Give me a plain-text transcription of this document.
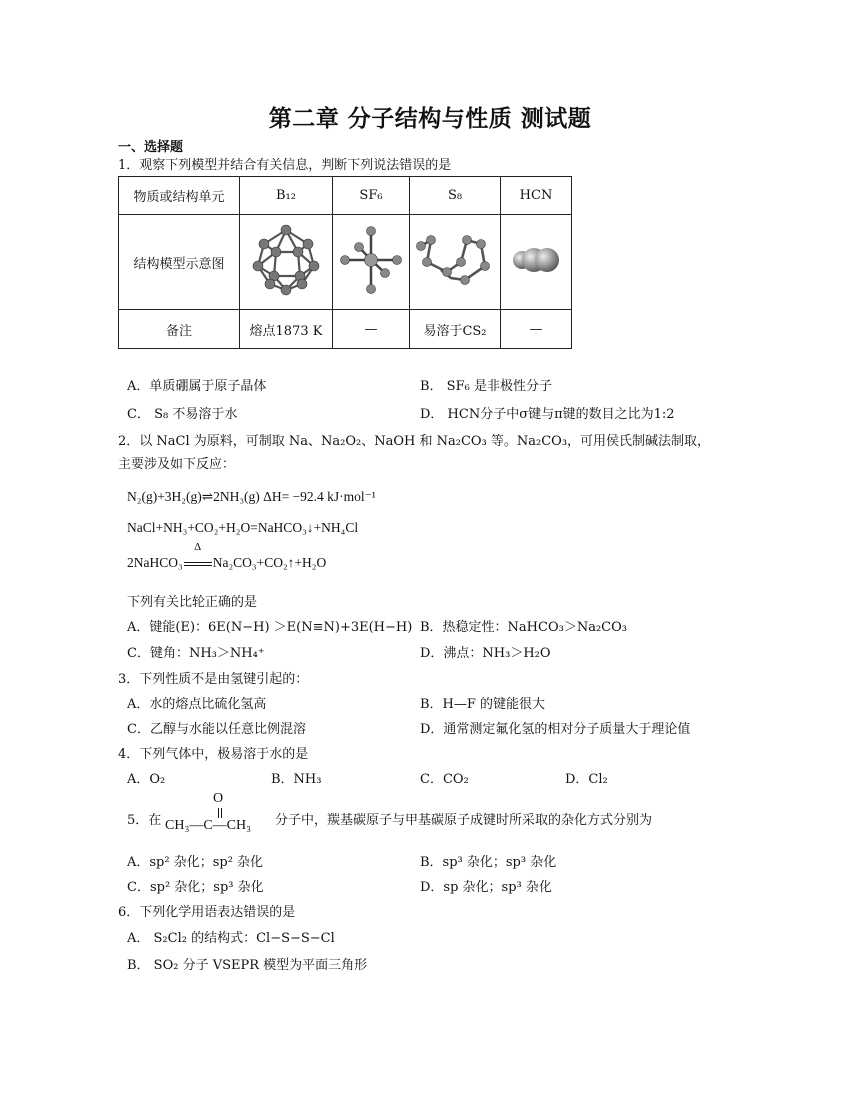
第二章 分子结构与性质 测试题
一、选择题
1．观察下列模型并结合有关信息，判断下列说法错误的是
物质或结构单元	B₁₂	SF₆	S₈	HCN
结构模型示意图				
备注	熔点1873 K	—	易溶于CS₂	—
A．单质硼属于原子晶体	B． SF₆ 是非极性分子
C． S₈ 不易溶于水	D． HCN分子中σ键与π键的数目之比为1:2
2．以 NaCl 为原料，可制取 Na、Na₂O₂、NaOH 和 Na₂CO₃ 等。Na₂CO₃，可用侯氏制碱法制取，
主要涉及如下反应：
N₂(g)+3H₂(g)⇌2NH₃(g) ΔH= −92.4 kJ·mol⁻¹
NaCl+NH₃+CO₂+H₂O=NaHCO₃↓+NH₄Cl
2NaHCO₃
Δ
Na₂CO₃+CO₂↑+H₂O
下列有关比轮正确的是
A．键能(E)：6E(N−H) ＞E(N≡N)+3E(H−H) B．热稳定性：NaHCO₃＞Na₂CO₃
C．键角：NH₃＞NH₄⁺	D．沸点：NH₃＞H₂O
3．下列性质不是由氢键引起的：
A．水的熔点比硫化氢高	B．H—F 的键能很大
C．乙醇与水能以任意比例混溶	D．通常测定氟化氢的相对分子质量大于理论值
4．下列气体中，极易溶于水的是
A．O₂	B．NH₃	C．CO₂	D．Cl₂
5．在
O
CH₃—C—CH₃ 分子中，羰基碳原子与甲基碳原子成键时所采取的杂化方式分别为
A．sp² 杂化；sp² 杂化	B．sp³ 杂化；sp³ 杂化
C．sp² 杂化；sp³ 杂化	D．sp 杂化；sp³ 杂化
6．下列化学用语表达错误的是
A． S₂Cl₂ 的结构式：Cl−S−S−Cl
B． SO₂ 分子 VSEPR 模型为平面三角形
